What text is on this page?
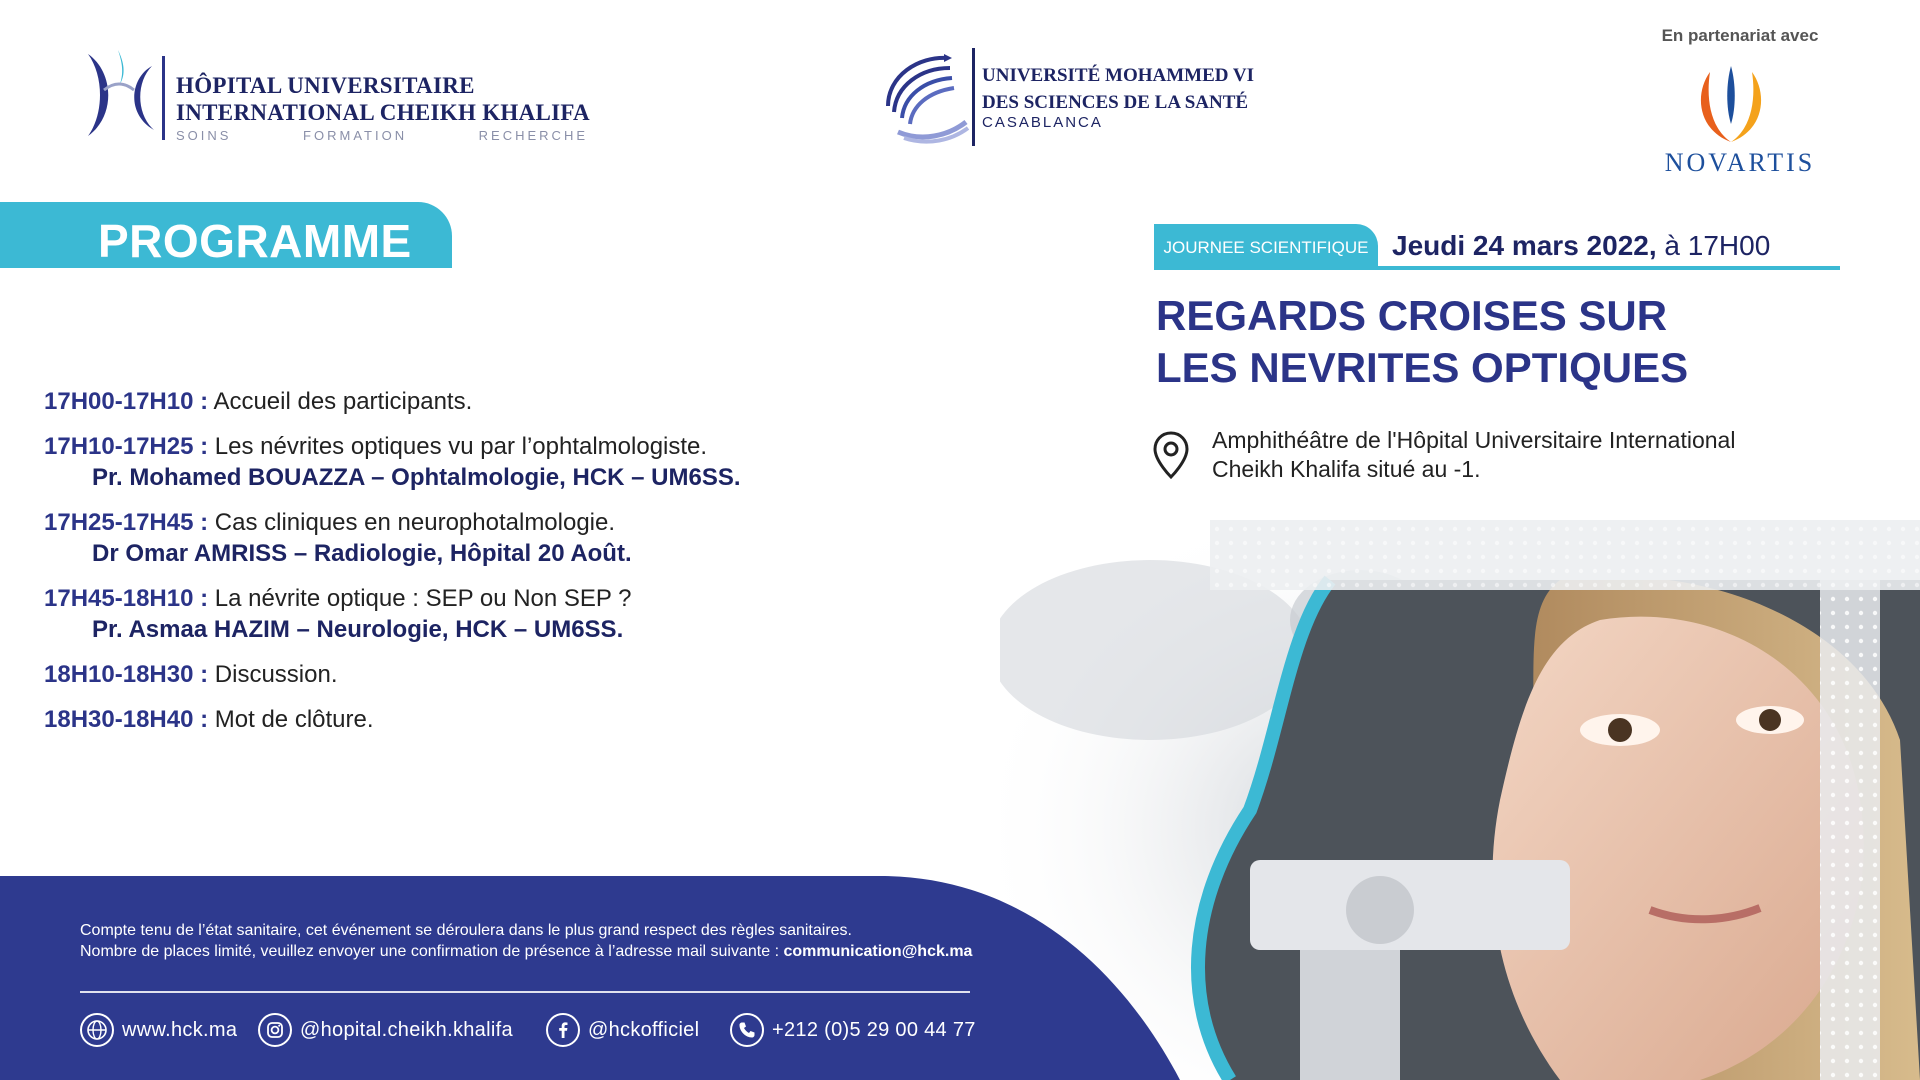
HÔPITAL UNIVERSITAIRE
INTERNATIONAL CHEIKH KHALIFA
SOINS	FORMATION	RECHERCHE
UNIVERSITÉ MOHAMMED VI
DES SCIENCES DE LA SANTÉ
CASABLANCA
En partenariat avec
NOVARTIS
PROGRAMME
17H00-17H10 : Accueil des participants.
17H10-17H25 : Les névrites optiques vu par l’ophtalmologiste.
Pr. Mohamed BOUAZZA – Ophtalmologie, HCK – UM6SS.
17H25-17H45 : Cas cliniques en neurophotalmologie.
Dr Omar AMRISS – Radiologie, Hôpital 20 Août.
17H45-18H10 : La névrite optique : SEP ou Non SEP ?
Pr. Asmaa HAZIM – Neurologie, HCK – UM6SS.
18H10-18H30 : Discussion.
18H30-18H40 : Mot de clôture.
JOURNEE SCIENTIFIQUE Jeudi 24 mars 2022, à 17H00
REGARDS CROISES SUR
LES NEVRITES OPTIQUES
Amphithéâtre de l'Hôpital Universitaire International
Cheikh Khalifa situé au -1.
Compte tenu de l’état sanitaire, cet événement se déroulera dans le plus grand respect des règles sanitaires.
Nombre de places limité, veuillez envoyer une confirmation de présence à l’adresse mail suivante : communication@hck.ma
www.hck.ma	@hopital.cheikh.khalifa	@hckofficiel	+212 (0)5 29 00 44 77
